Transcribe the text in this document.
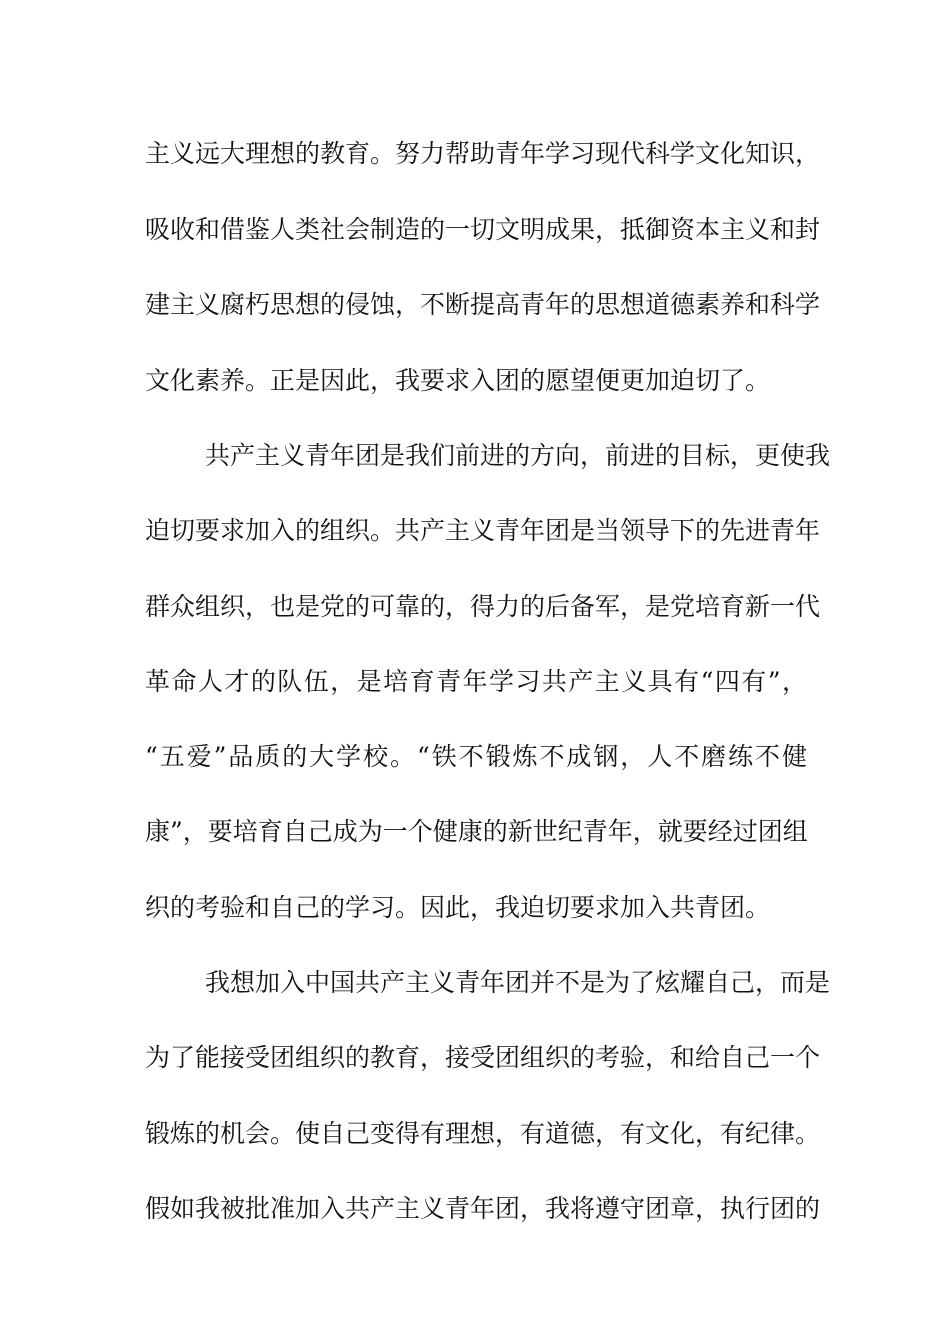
主义远大理想的教育。努力帮助青年学习现代科学文化知识，

吸收和借鉴人类社会制造的一切文明成果，抵御资本主义和封

建主义腐朽思想的侵蚀，不断提高青年的思想道德素养和科学

文化素养。正是因此，我要求入团的愿望便更加迫切了。

共产主义青年团是我们前进的方向，前进的目标，更使我

迫切要求加入的组织。共产主义青年团是当领导下的先进青年

群众组织，也是党的可靠的，得力的后备军，是党培育新一代

革命人才的队伍，是培育青年学习共产主义具有“四有”，

“五爱”品质的大学校。“铁不锻炼不成钢，人不磨练不健

康”，要培育自己成为一个健康的新世纪青年，就要经过团组

织的考验和自己的学习。因此，我迫切要求加入共青团。

我想加入中国共产主义青年团并不是为了炫耀自己，而是

为了能接受团组织的教育，接受团组织的考验，和给自己一个

锻炼的机会。使自己变得有理想，有道德，有文化，有纪律。

假如我被批准加入共产主义青年团，我将遵守团章，执行团的
